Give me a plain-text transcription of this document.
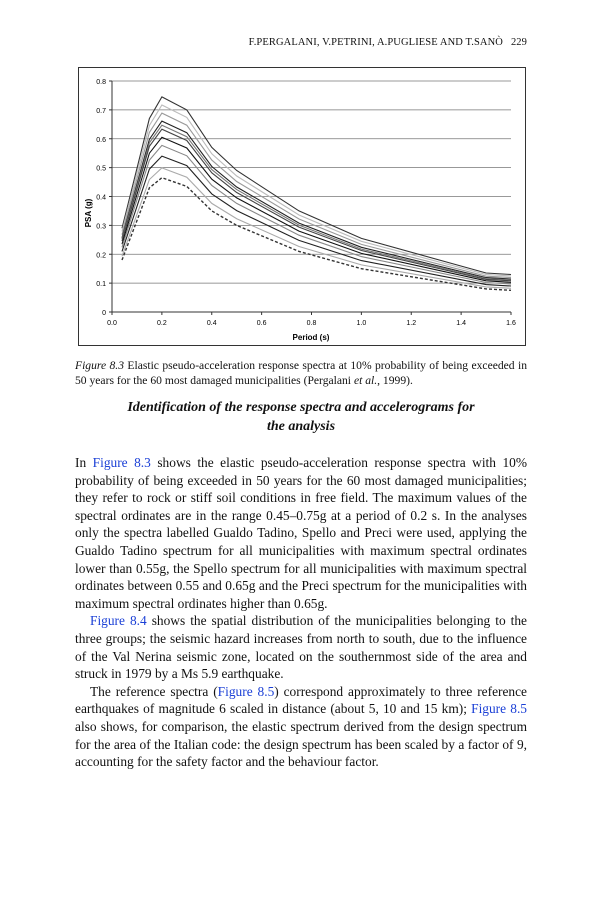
F.PERGALANI, V.PETRINI, A.PUGLIESE AND T.SANÒ 229
0
0.1
0.2
0.3
0.4
0.5
0.6
0.7
0.8
0.0	0.2	0.4	0.6	0.8	1.0	1.2	1.4	1.6
PSA (g)
Period (s)
Figure 8.3 Elastic pseudo-acceleration response spectra at 10% probability of being exceeded in 50 years for the 60 most damaged municipalities (Pergalani et al., 1999).
Identification of the response spectra and accelerograms for
the analysis

In Figure 8.3 shows the elastic pseudo-acceleration response spectra with 10% probability of being exceeded in 50 years for the 60 most damaged municipalities; they refer to rock or stiff soil conditions in free field. The maximum values of the spectral ordinates are in the range 0.45–0.75g at a period of 0.2 s. In the analyses only the spectra labelled Gualdo Tadino, Spello and Preci were used, applying the Gualdo Tadino spectrum for all municipalities with maximum spectral ordinates lower than 0.55g, the Spello spectrum for all municipalities with maximum spectral ordinates between 0.55 and 0.65g and the Preci spectrum for the municipalities with maximum spectral ordinates higher than 0.65g.

Figure 8.4 shows the spatial distribution of the municipalities belonging to the three groups; the seismic hazard increases from north to south, due to the influence of the Val Nerina seismic zone, located on the southernmost side of the area and struck in 1979 by a Ms 5.9 earthquake.

The reference spectra (Figure 8.5) correspond approximately to three reference earthquakes of magnitude 6 scaled in distance (about 5, 10 and 15 km); Figure 8.5 also shows, for comparison, the elastic spectrum derived from the design spectrum for the area of the Italian code: the design spectrum has been scaled by a factor of 9, accounting for the safety factor and the behaviour factor.
